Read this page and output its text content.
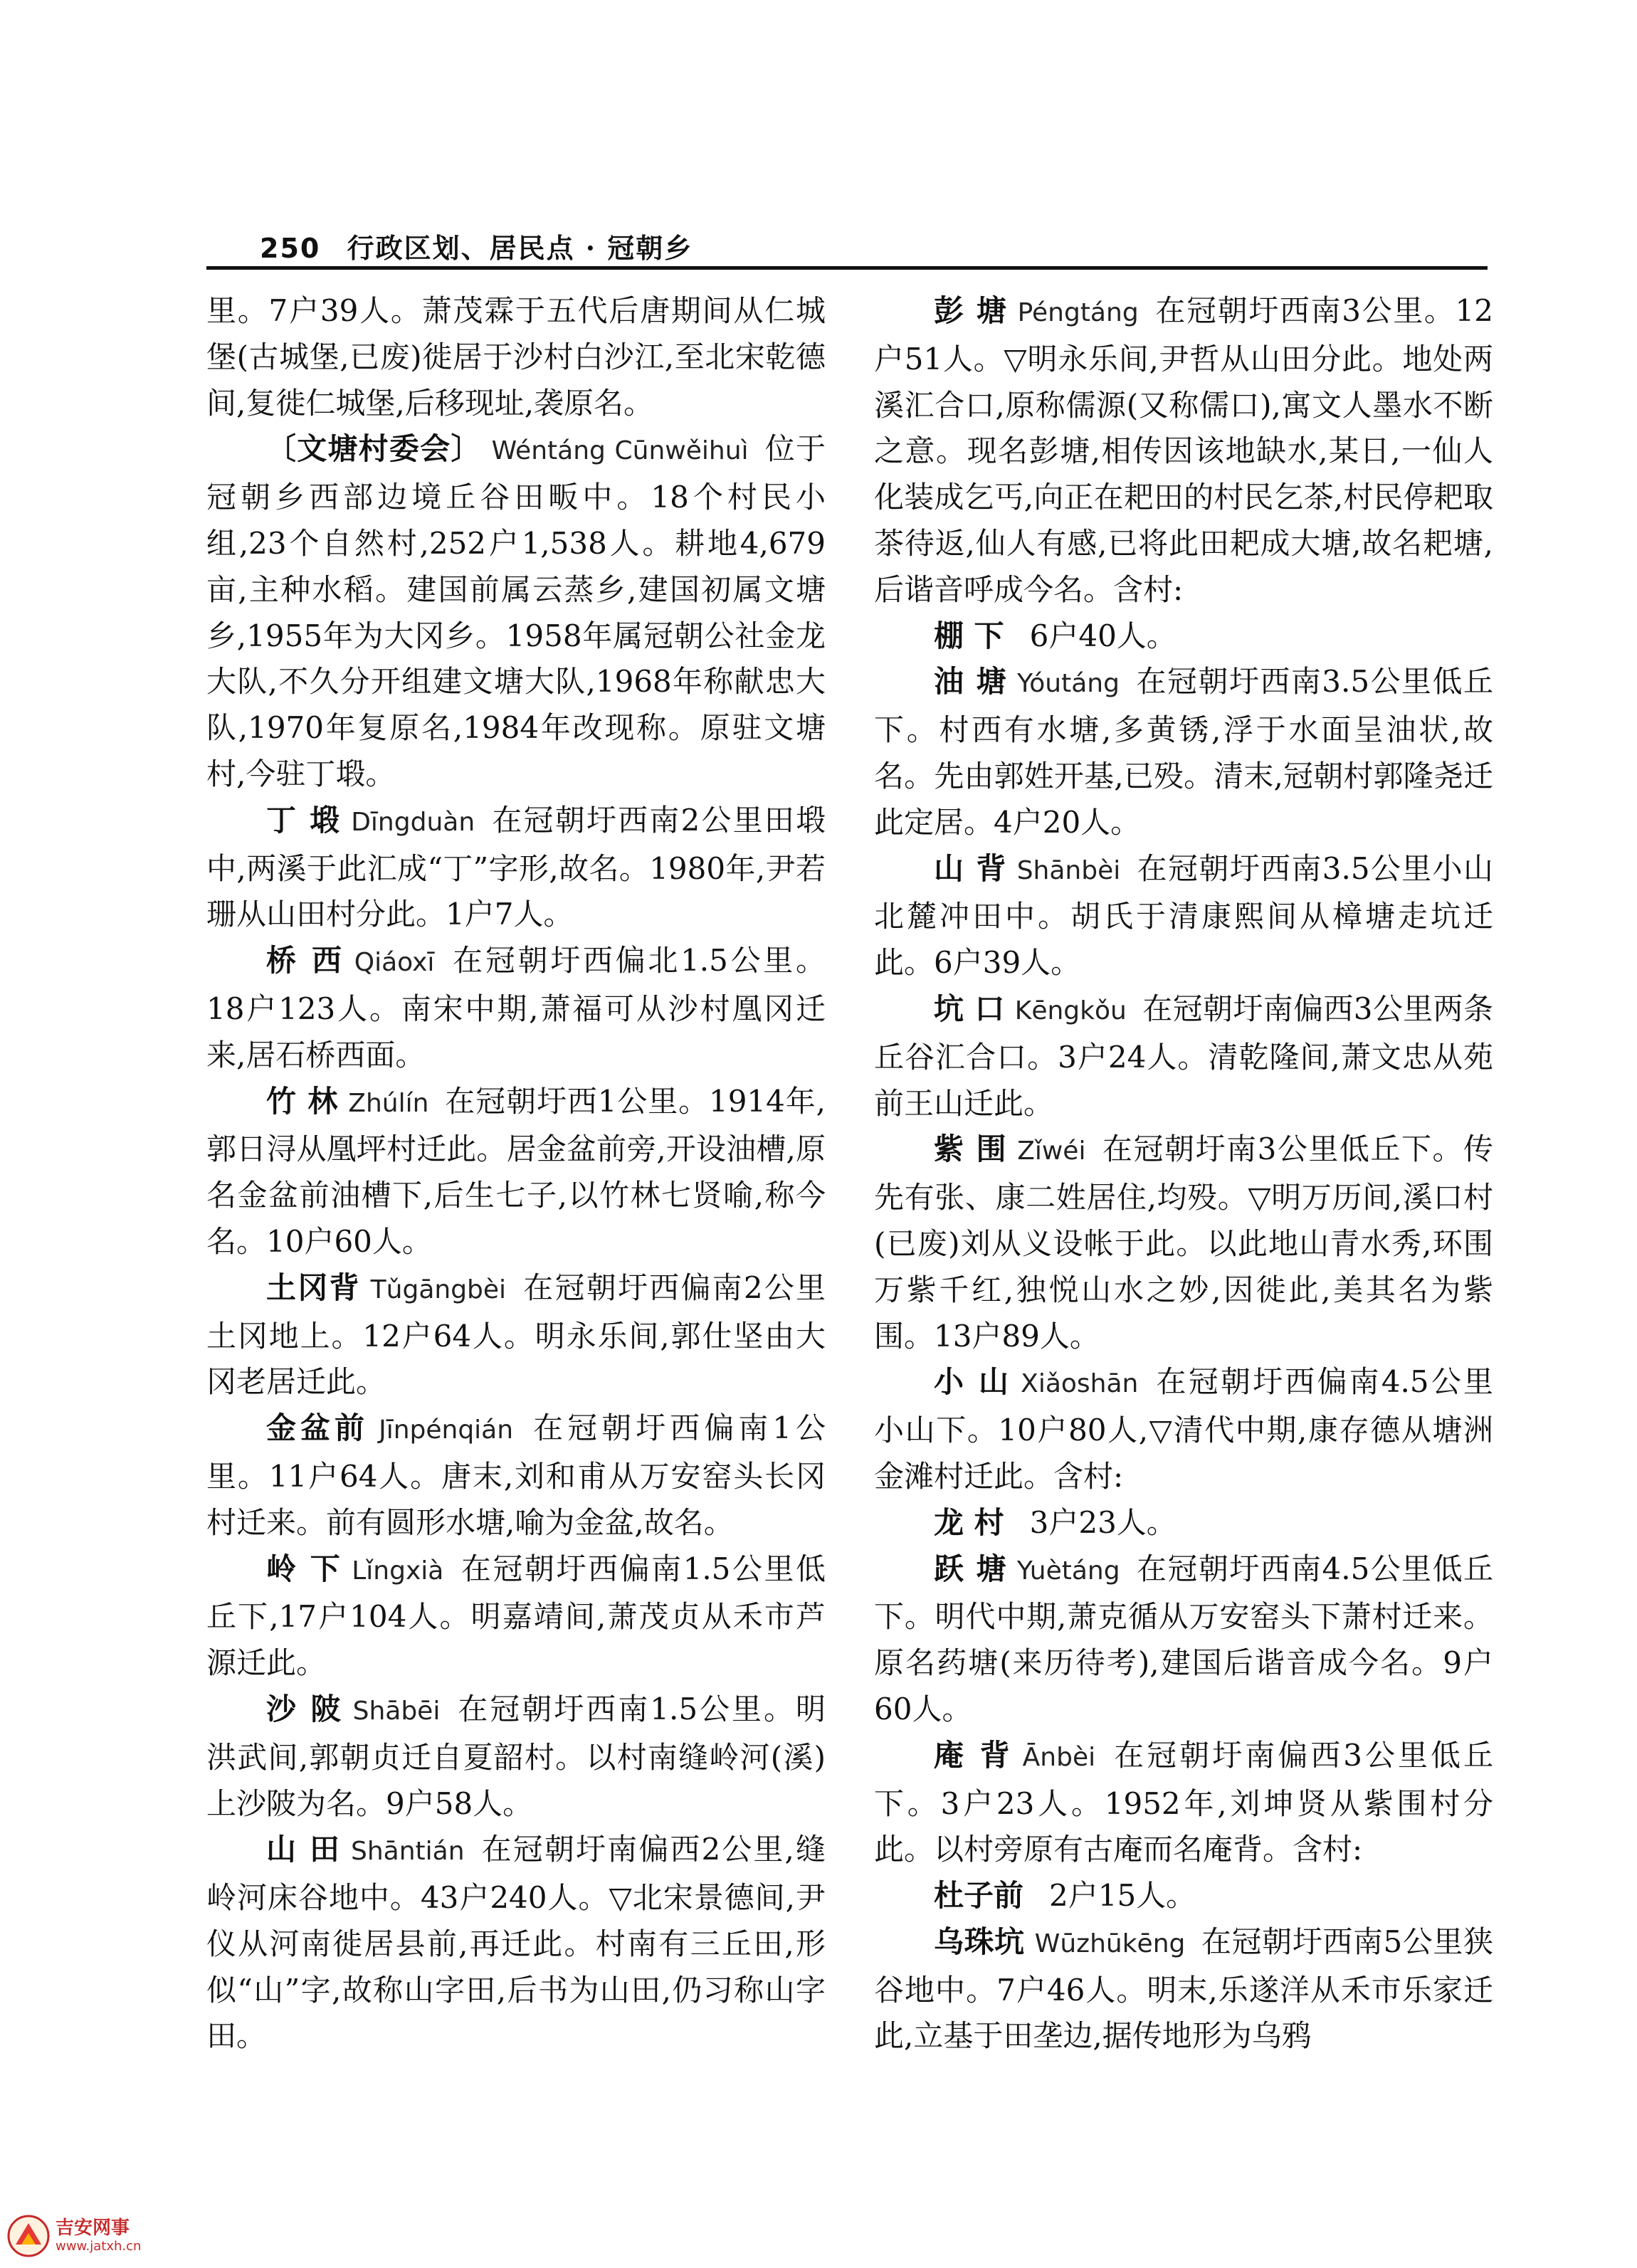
250 行政区划、居民点 · 冠朝乡

里。7户39人。萧茂霖于五代后唐期间从仁城堡(古城堡,已废)徙居于沙村白沙江,至北宋乾德间,复徙仁城堡,后移现址,袭原名。

〔文塘村委会〕 Wéntáng Cūnwěihuì 位于冠朝乡西部边境丘谷田畈中。18个村民小组,23个自然村,252户1,538人。耕地4,679亩,主种水稻。建国前属云蒸乡,建国初属文塘乡,1955年为大冈乡。1958年属冠朝公社金龙大队,不久分开组建文塘大队,1968年称献忠大队,1970年复原名,1984年改现称。原驻文塘村,今驻丁塅。

丁 塅 Dīngduàn 在冠朝圩西南2公里田塅中,两溪于此汇成“丁”字形,故名。1980年,尹若珊从山田村分此。1户7人。

桥 西 Qiáoxī 在冠朝圩西偏北1.5公里。18户123人。南宋中期,萧福可从沙村凰冈迁来,居石桥西面。

竹 林 Zhúlín 在冠朝圩西1公里。1914年,郭日浔从凰坪村迁此。居金盆前旁,开设油槽,原名金盆前油槽下,后生七子,以竹林七贤喻,称今名。10户60人。

土冈背 Tǔgāngbèi 在冠朝圩西偏南2公里土冈地上。12户64人。明永乐间,郭仕坚由大冈老居迁此。

金盆前 Jīnpénqián 在冠朝圩西偏南1公里。11户64人。唐末,刘和甫从万安窑头长冈村迁来。前有圆形水塘,喻为金盆,故名。

岭 下 Lǐngxià 在冠朝圩西偏南1.5公里低丘下,17户104人。明嘉靖间,萧茂贞从禾市芦源迁此。

沙 陂 Shābēi 在冠朝圩西南1.5公里。明洪武间,郭朝贞迁自夏韶村。以村南缝岭河(溪)上沙陂为名。9户58人。

山 田 Shāntián 在冠朝圩南偏西2公里,缝岭河床谷地中。43户240人。▽北宋景德间,尹仪从河南徙居县前,再迁此。村南有三丘田,形似“山”字,故称山字田,后书为山田,仍习称山字田。

彭 塘 Péngtáng 在冠朝圩西南3公里。12户51人。▽明永乐间,尹哲从山田分此。地处两溪汇合口,原称儒源(又称儒口),寓文人墨水不断之意。现名彭塘,相传因该地缺水,某日,一仙人化装成乞丐,向正在耙田的村民乞茶,村民停耙取茶待返,仙人有感,已将此田耙成大塘,故名耙塘,后谐音呼成今名。含村:

棚 下 6户40人。

油 塘 Yóutáng 在冠朝圩西南3.5公里低丘下。村西有水塘,多黄锈,浮于水面呈油状,故名。先由郭姓开基,已殁。清末,冠朝村郭隆尧迁此定居。4户20人。

山 背 Shānbèi 在冠朝圩西南3.5公里小山北麓冲田中。胡氏于清康熙间从樟塘走坑迁此。6户39人。

坑 口 Kēngkǒu 在冠朝圩南偏西3公里两条丘谷汇合口。3户24人。清乾隆间,萧文忠从苑前王山迁此。

紫 围 Zǐwéi 在冠朝圩南3公里低丘下。传先有张、康二姓居住,均殁。▽明万历间,溪口村(已废)刘从义设帐于此。以此地山青水秀,环围万紫千红,独悦山水之妙,因徙此,美其名为紫围。13户89人。

小 山 Xiǎoshān 在冠朝圩西偏南4.5公里小山下。10户80人,▽清代中期,康存德从塘洲金滩村迁此。含村:

龙 村 3户23人。

跃 塘 Yuètáng 在冠朝圩西南4.5公里低丘下。明代中期,萧克循从万安窑头下萧村迁来。原名药塘(来历待考),建国后谐音成今名。9户60人。

庵 背 Ānbèi 在冠朝圩南偏西3公里低丘下。3户23人。1952年,刘坤贤从紫围村分此。以村旁原有古庵而名庵背。含村:

杜子前 2户15人。

乌珠坑 Wūzhūkēng 在冠朝圩西南5公里狭谷地中。7户46人。明末,乐遂洋从禾市乐家迁此,立基于田垄边,据传地形为乌鸦

吉安网事
www.jatxh.cn
